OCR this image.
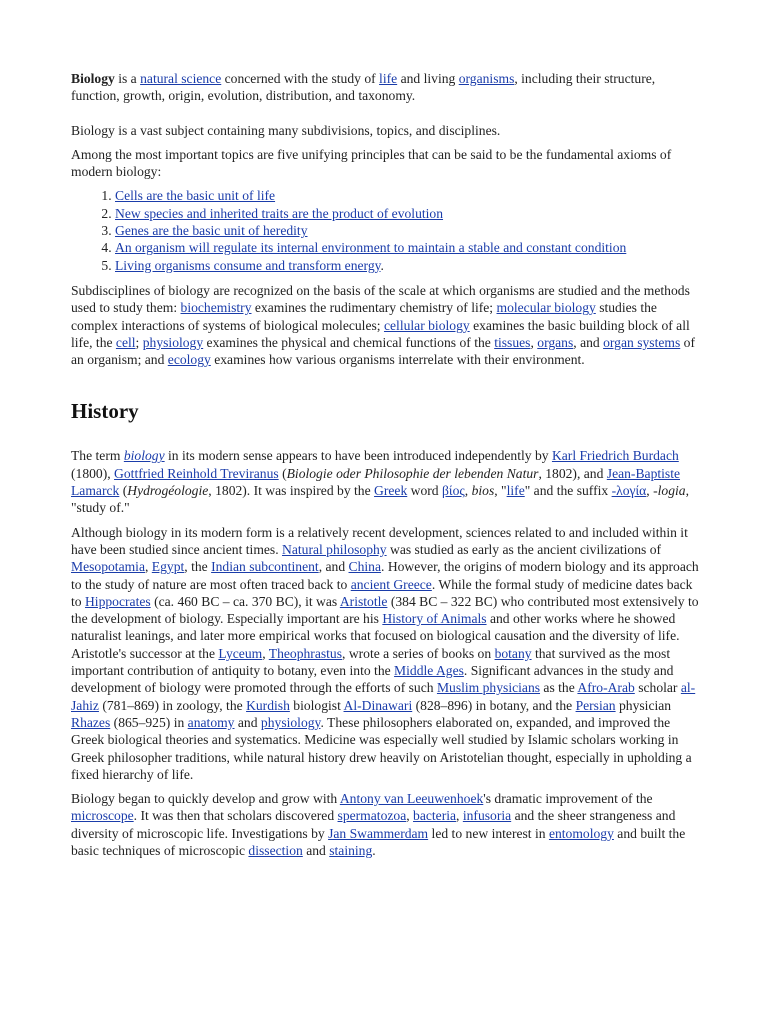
Biology is a natural science concerned with the study of life and living organisms, including their structure, function, growth, origin, evolution, distribution, and taxonomy.

Biology is a vast subject containing many subdivisions, topics, and disciplines.

Among the most important topics are five unifying principles that can be said to be the fundamental axioms of modern biology:

1. Cells are the basic unit of life
2. New species and inherited traits are the product of evolution
3. Genes are the basic unit of heredity
4. An organism will regulate its internal environment to maintain a stable and constant condition
5. Living organisms consume and transform energy.

Subdisciplines of biology are recognized on the basis of the scale at which organisms are studied and the methods used to study them: biochemistry examines the rudimentary chemistry of life; molecular biology studies the complex interactions of systems of biological molecules; cellular biology examines the basic building block of all life, the cell; physiology examines the physical and chemical functions of the tissues, organs, and organ systems of an organism; and ecology examines how various organisms interrelate with their environment.

History

The term biology in its modern sense appears to have been introduced independently by Karl Friedrich Burdach (1800), Gottfried Reinhold Treviranus (Biologie oder Philosophie der lebenden Natur, 1802), and Jean-Baptiste Lamarck (Hydrogéologie, 1802). It was inspired by the Greek word βίος, bios, "life" and the suffix -λογία, -logia, "study of."

Although biology in its modern form is a relatively recent development, sciences related to and included within it have been studied since ancient times. Natural philosophy was studied as early as the ancient civilizations of Mesopotamia, Egypt, the Indian subcontinent, and China. However, the origins of modern biology and its approach to the study of nature are most often traced back to ancient Greece. While the formal study of medicine dates back to Hippocrates (ca. 460 BC – ca. 370 BC), it was Aristotle (384 BC – 322 BC) who contributed most extensively to the development of biology. Especially important are his History of Animals and other works where he showed naturalist leanings, and later more empirical works that focused on biological causation and the diversity of life. Aristotle's successor at the Lyceum, Theophrastus, wrote a series of books on botany that survived as the most important contribution of antiquity to botany, even into the Middle Ages. Significant advances in the study and development of biology were promoted through the efforts of such Muslim physicians as the Afro-Arab scholar al-Jahiz (781–869) in zoology, the Kurdish biologist Al-Dinawari (828–896) in botany, and the Persian physician Rhazes (865–925) in anatomy and physiology. These philosophers elaborated on, expanded, and improved the Greek biological theories and systematics. Medicine was especially well studied by Islamic scholars working in Greek philosopher traditions, while natural history drew heavily on Aristotelian thought, especially in upholding a fixed hierarchy of life.

Biology began to quickly develop and grow with Antony van Leeuwenhoek's dramatic improvement of the microscope. It was then that scholars discovered spermatozoa, bacteria, infusoria and the sheer strangeness and diversity of microscopic life. Investigations by Jan Swammerdam led to new interest in entomology and built the basic techniques of microscopic dissection and staining.
